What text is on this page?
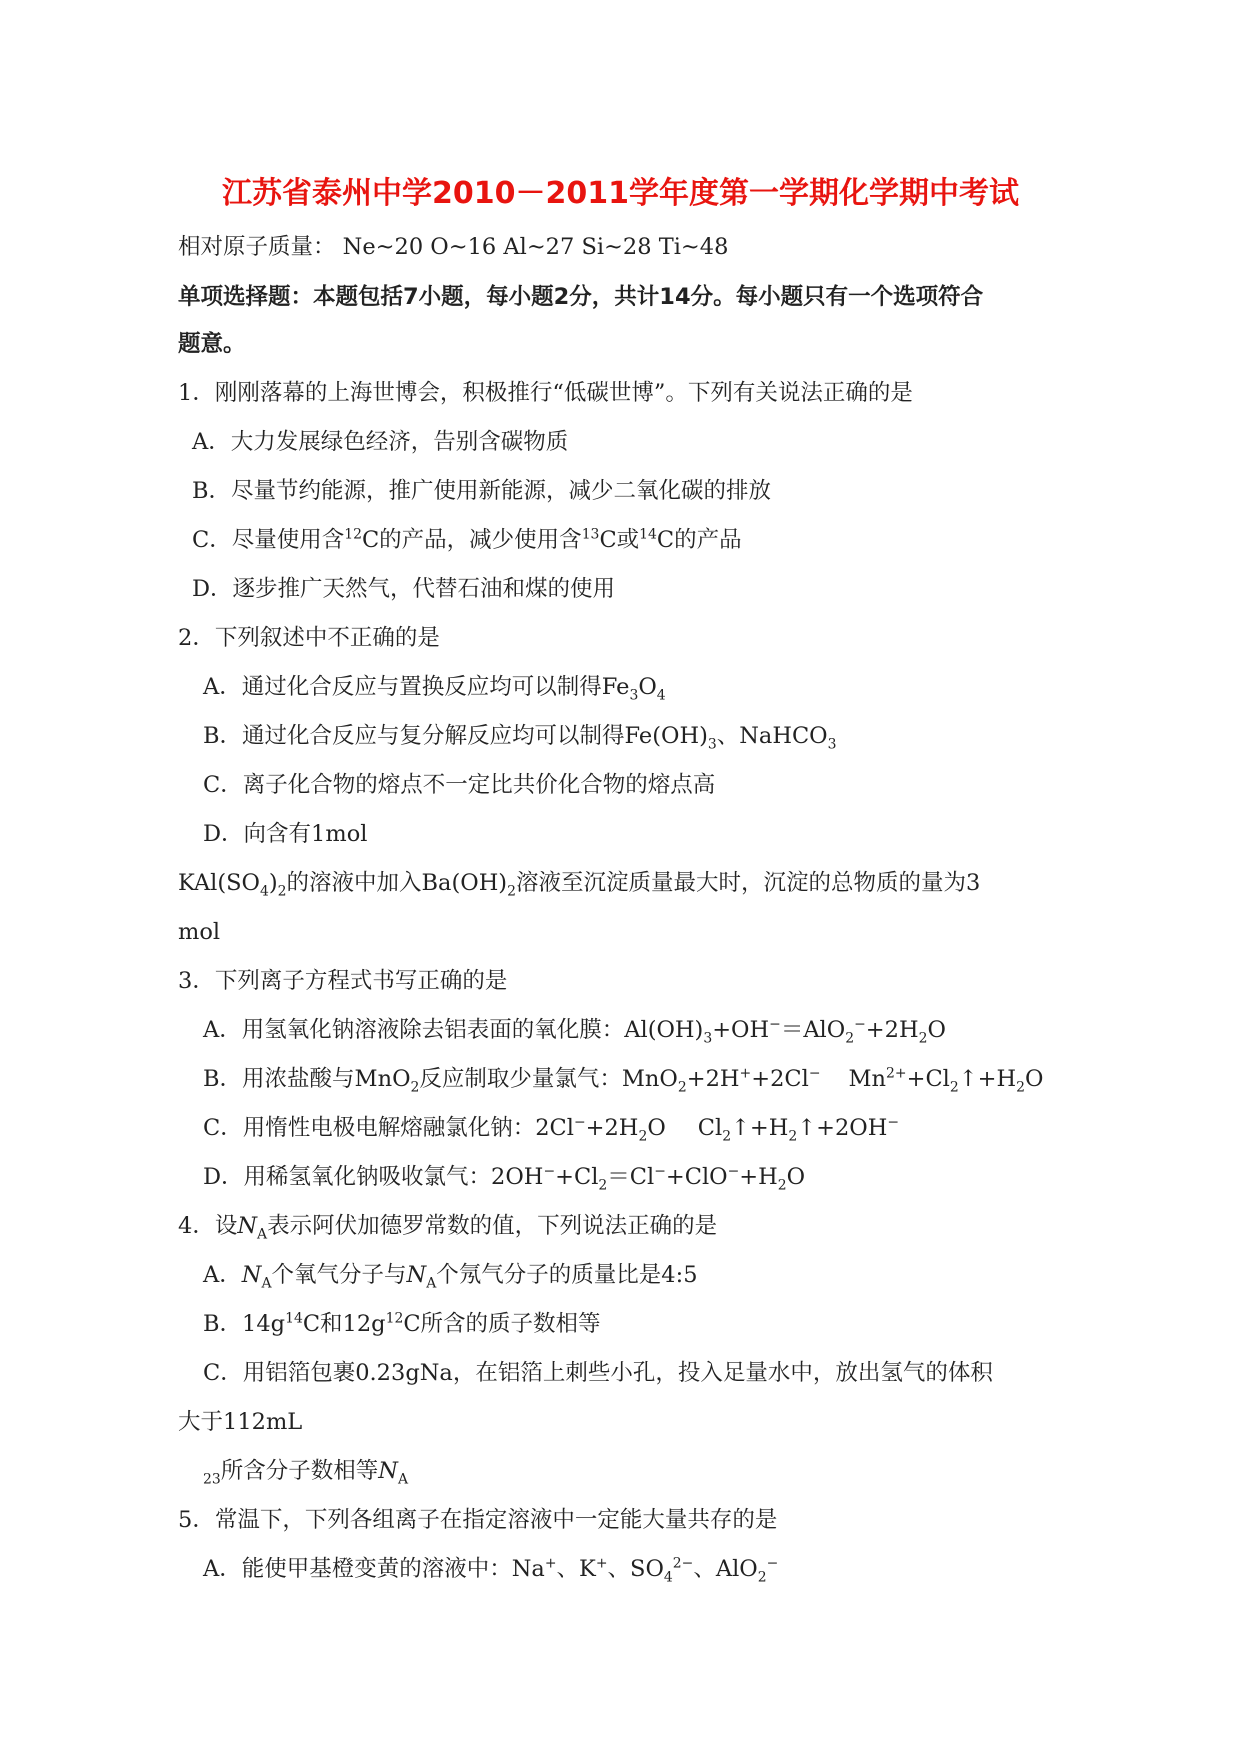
江苏省泰州中学2010－2011学年度第一学期化学期中考试
相对原子质量： Ne~20 O~16 Al~27 Si~28 Ti~48
单项选择题：本题包括7小题，每小题2分，共计14分。每小题只有一个选项符合
题意。
1．刚刚落幕的上海世博会，积极推行“低碳世博”。下列有关说法正确的是
A．大力发展绿色经济，告别含碳物质
B．尽量节约能源，推广使用新能源，减少二氧化碳的排放
C．尽量使用含$^{12}$C的产品，减少使用含$^{13}$C或$^{14}$C的产品
D．逐步推广天然气，代替石油和煤的使用
2．下列叙述中不正确的是
A．通过化合反应与置换反应均可以制得$Fe_3O_4$
B．通过化合反应与复分解反应均可以制得$Fe(OH)_3$、NaHCO$_3$
C．离子化合物的熔点不一定比共价化合物的熔点高
D．向含有1mol
$KAl(SO_4)_2$的溶液中加入$Ba(OH)_2$溶液至沉淀质量最大时，沉淀的总物质的量为3
mol
3．下列离子方程式书写正确的是
A．用氢氧化钠溶液除去铝表面的氧化膜：$Al(OH)_3+OH^-=AlO_2^-+2H_2O$
B．用浓盐酸与MnO$_2$反应制取少量氯气：MnO$_2$+2H++2Cl− $Mn^{2+}+Cl_2↑+H_2O$
C．用惰性电极电解熔融氯化钠：$2Cl^-+2H_2O$ $Cl_2↑+H_2↑+2OH^-$
D．用稀氢氧化钠吸收氯气：$2OH^-+Cl_2=Cl^-+ClO^-+H_2O$
4．设$N_A$表示阿伏加德罗常数的值，下列说法正确的是
A．$N_A$个氧气分子与$N_A$个氖气分子的质量比是4:5
B．$14g^{14}C$和$12g^{12}C$所含的质子数相等
C．用铝箔包裹0.23gNa，在铝箔上刺些小孔，投入足量水中，放出氢气的体积
大于112mL
$_{23}$所含分子数相等$N_A$
5．常温下，下列各组离子在指定溶液中一定能大量共存的是
A．能使甲基橙变黄的溶液中：Na+、K+、$SO_4^{2-}$、AlO$_2$−
